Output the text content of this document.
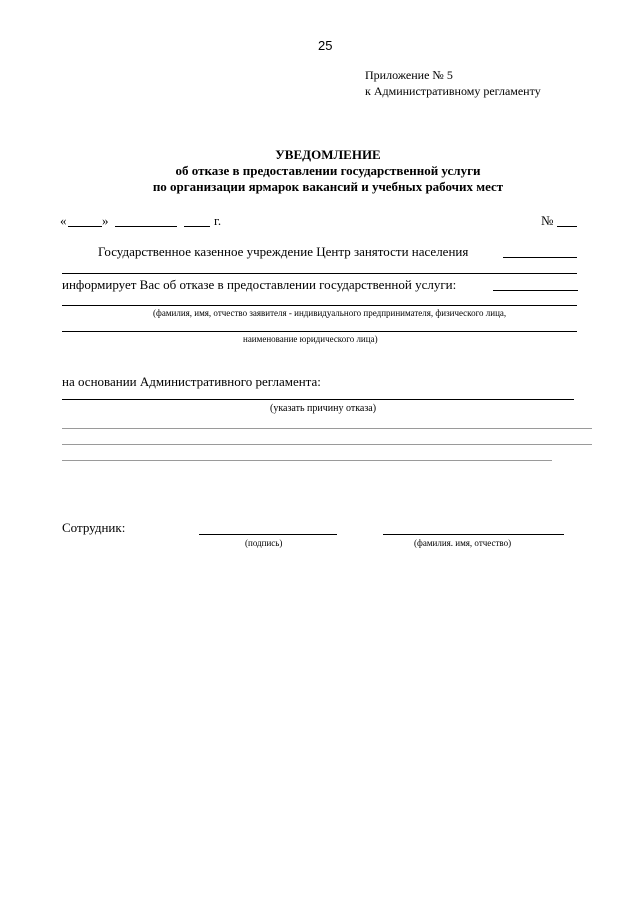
25
Приложение № 5
к Административному регламенту
УВЕДОМЛЕНИЕ
об отказе в предоставлении государственной услуги
по организации ярмарок вакансий и учебных рабочих мест
«	»	г.	№
Государственное казенное учреждение Центр занятости населения
информирует Вас об отказе в предоставлении государственной услуги:
(фамилия, имя, отчество заявителя - индивидуального предпринимателя, физического лица,
наименование юридического лица)
на основании Административного регламента:
(указать причину отказа)
Сотрудник:
(подпись)	(фамилия. имя, отчество)
